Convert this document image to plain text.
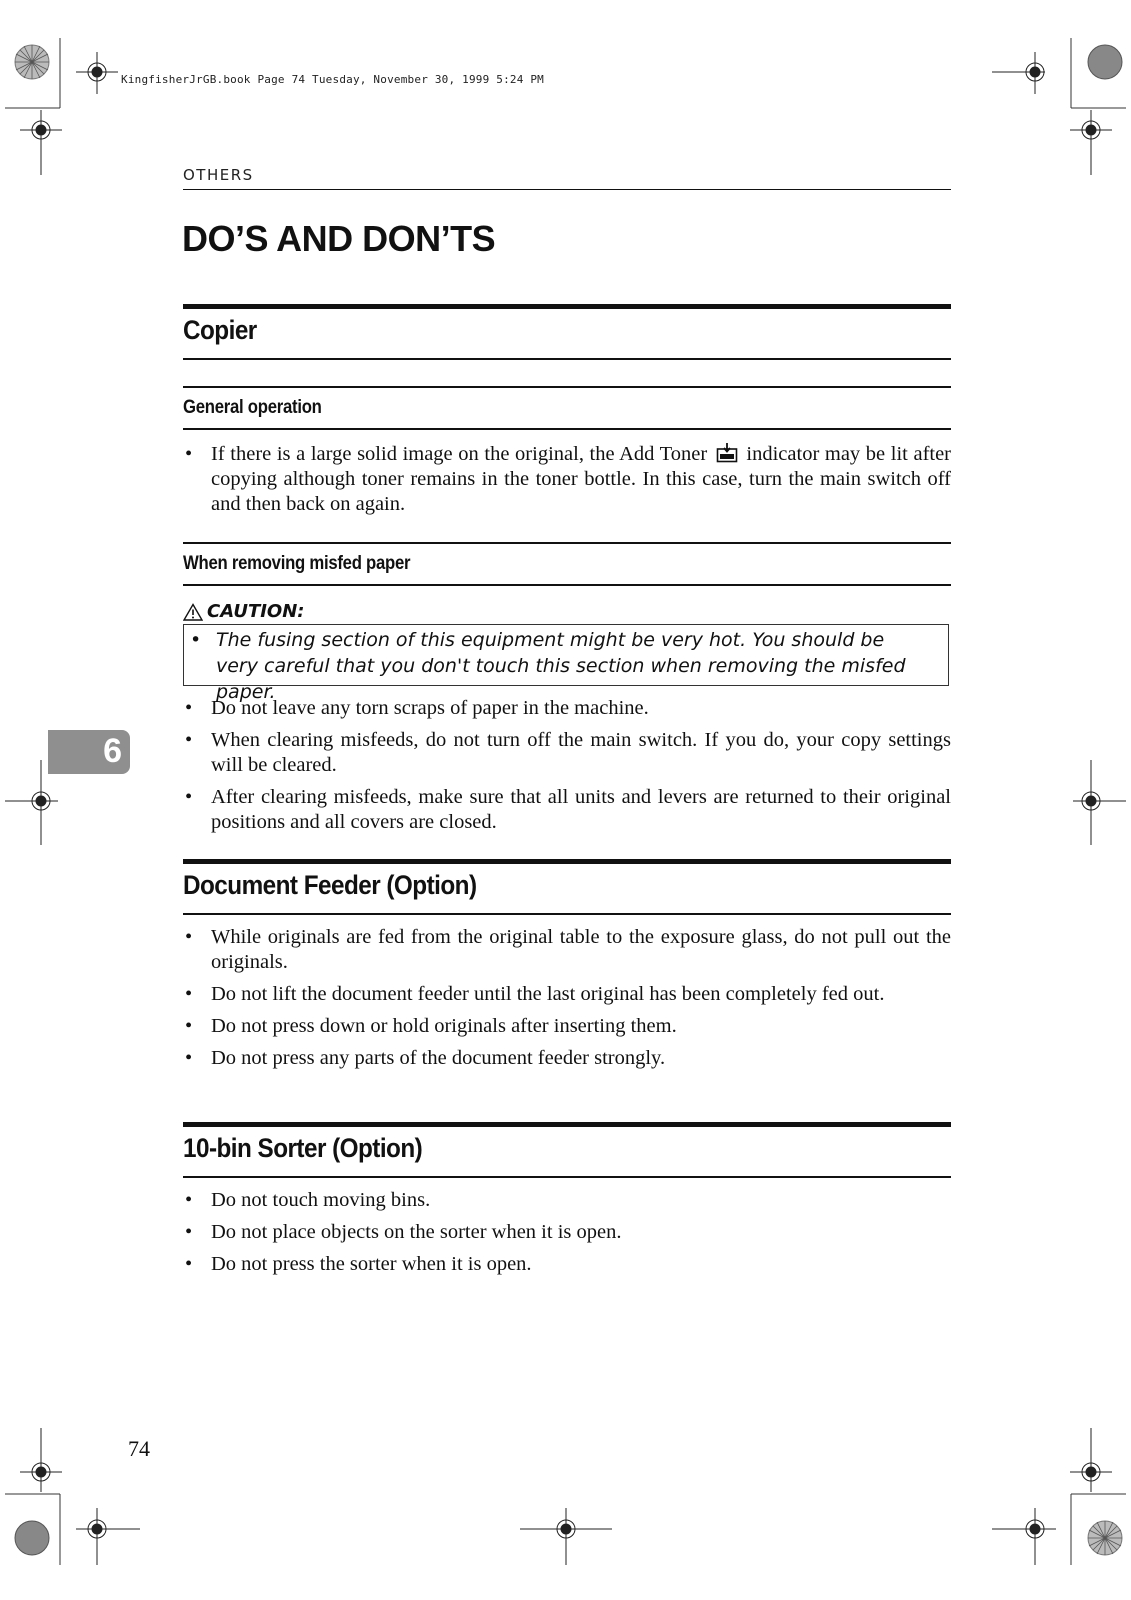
KingfisherJrGB.book Page 74 Tuesday, November 30, 1999 5:24 PM
OTHERS
DO’S AND DON’TS
Copier
General operation
• If there is a large solid image on the original, the Add Toner indicator may be lit after copying although toner remains in the toner bottle. In this case, turn the main switch off and then back on again.
When removing misfed paper
CAUTION:
• The fusing section of this equipment might be very hot. You should be very careful that you don't touch this section when removing the misfed paper.
• Do not leave any torn scraps of paper in the machine.
• When clearing misfeeds, do not turn off the main switch. If you do, your copy settings will be cleared.
• After clearing misfeeds, make sure that all units and levers are returned to their original positions and all covers are closed.
Document Feeder (Option)
• While originals are fed from the original table to the exposure glass, do not pull out the originals.
• Do not lift the document feeder until the last original has been completely fed out.
• Do not press down or hold originals after inserting them.
• Do not press any parts of the document feeder strongly.
10-bin Sorter (Option)
• Do not touch moving bins.
• Do not place objects on the sorter when it is open.
• Do not press the sorter when it is open.
6
74
